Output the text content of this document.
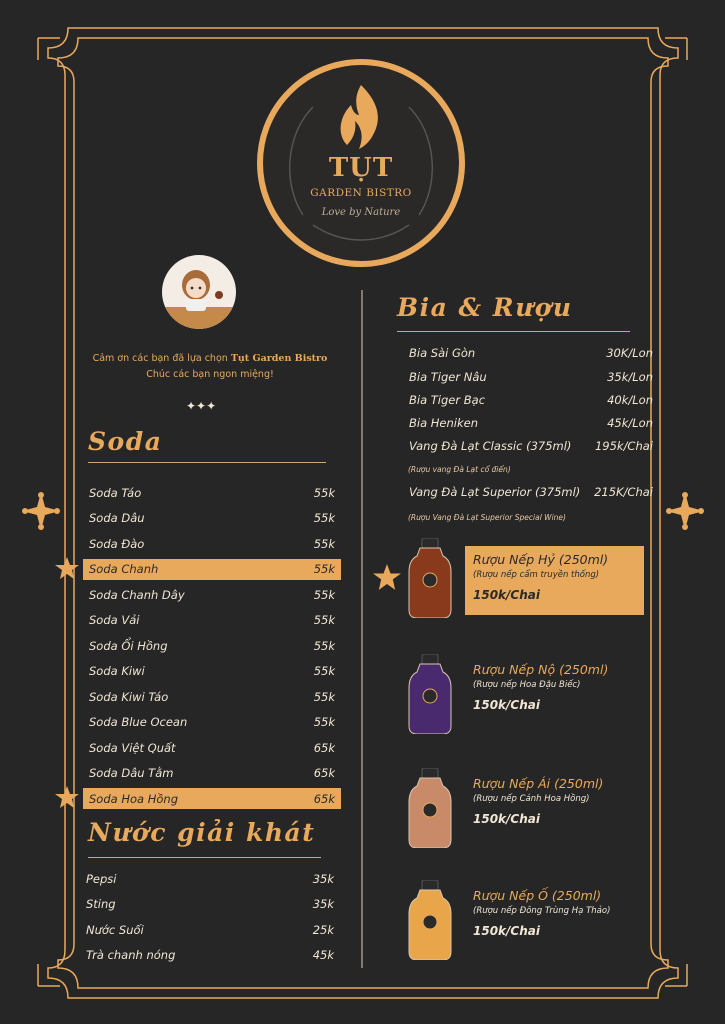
TỤT
GARDEN BISTRO
Love by Nature
Cảm ơn các bạn đã lựa chọn Tụt Garden Bistro
Chúc các bạn ngon miệng!
✦✦✦
Soda
Soda Táo	55k
Soda Dâu	55k
Soda Đào	55k
Soda Chanh	55k
Soda Chanh Dây	55k
Soda Vải	55k
Soda Ổi Hồng	55k
Soda Kiwi	55k
Soda Kiwi Táo	55k
Soda Blue Ocean	55k
Soda Việt Quất	65k
Soda Dâu Tằm	65k
Soda Hoa Hồng	65k
Nước giải khát
Pepsi	35k
Sting	35k
Nước Suối	25k
Trà chanh nóng	45k
Bia & Rượu
Bia Sài Gòn	30K/Lon
Bia Tiger Nâu	35k/Lon
Bia Tiger Bạc	40k/Lon
Bia Heniken	45k/Lon
Vang Đà Lạt Classic (375ml) 195k/Chai
Vang Đà Lạt Superior (375ml) 215K/Chai
(Rượu vang Đà Lạt cổ điển)
(Rượu Vang Đà Lạt Superior Special Wine)
Rượu Nếp Hỷ (250ml)
(Rượu nếp cẩm truyền thống)
150k/Chai
Rượu Nếp Nộ (250ml)
(Rượu nếp Hoa Đậu Biếc)
150k/Chai
Rượu Nếp Ái (250ml)
(Rượu nếp Cánh Hoa Hồng)
150k/Chai
Rượu Nếp Ố (250ml)
(Rượu nếp Đông Trùng Hạ Thảo)
150k/Chai
